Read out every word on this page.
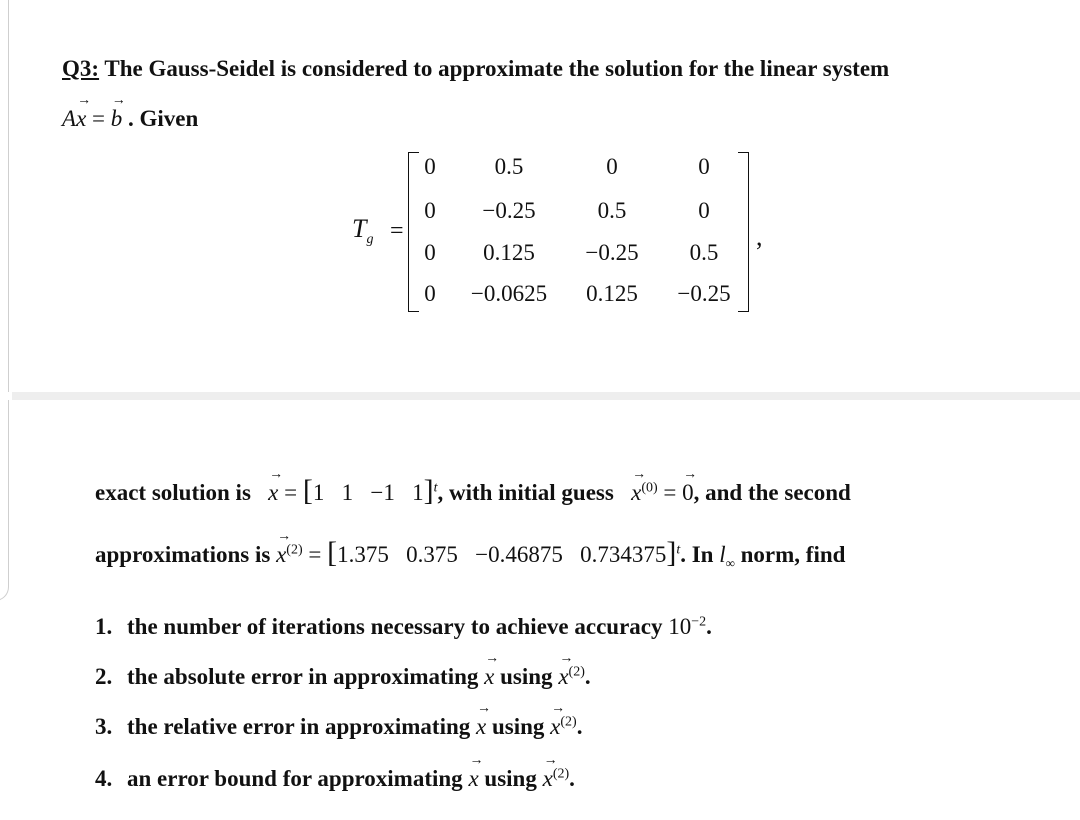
Q3: The Gauss-Seidel is considered to approximate the solution for the linear system
A→ x = → b . Given
$T_g$ =	,
0	0.5	0	0
0	−0.25	0.5	0
0	0.125	−0.25	0.5
0	−0.0625	0.125	−0.25
exact solution is → x = [1   1   −1   1]$^t$, with initial guess → $x^{(0)}$ = → 0, and the second
approximations is → $x^{(2)} = [1.375$   0.375   −0.46875   0.734375]$^t$. In $l_\infty$ norm, find
1. the number of iterations necessary to achieve accuracy $10^{-2}$.
2. the absolute error in approximating → x $using \to x^{(2)}$.
3. the relative error in approximating → x $using \to x^{(2)}$.
4. an error bound for approximating → x $using \to x^{(2)}$.
